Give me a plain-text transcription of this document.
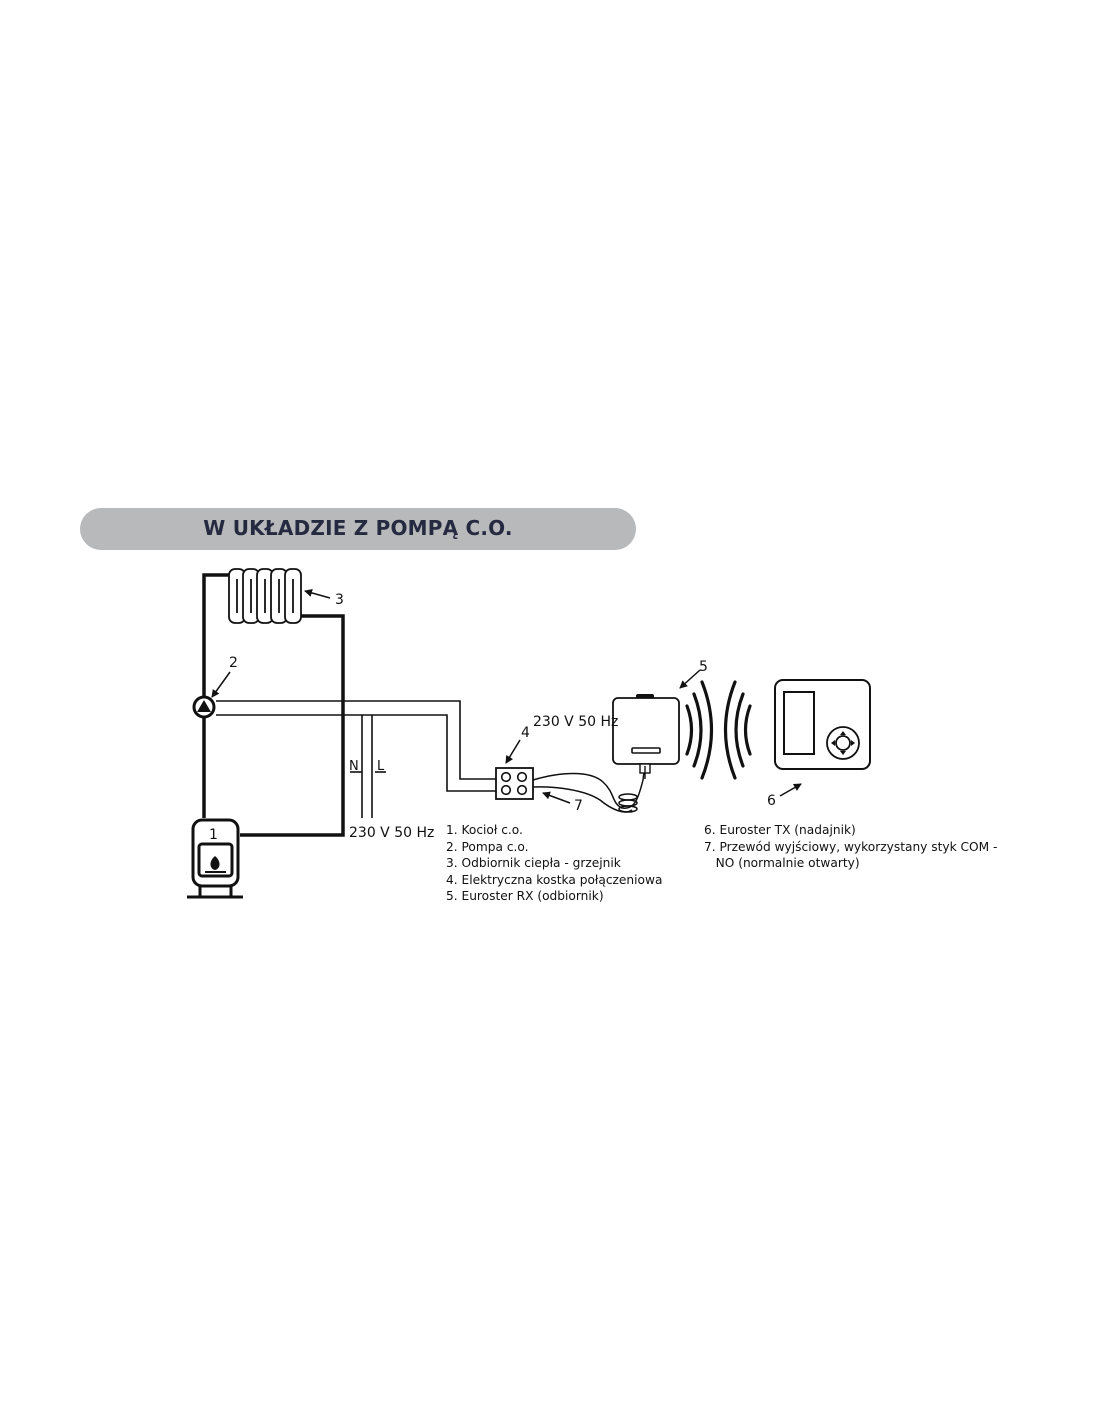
W UKŁADZIE Z POMPĄ C.O.
3
2
1
4
7
5
6
N L
230 V 50 Hz
230 V 50 Hz
1. Kocioł c.o.
2. Pompa c.o.
3. Odbiornik ciepła - grzejnik
4. Elektryczna kostka połączeniowa
5. Euroster RX (odbiornik)
6. Euroster TX (nadajnik)
7. Przewód wyjściowy, wykorzystany styk COM -
NO (normalnie otwarty)
